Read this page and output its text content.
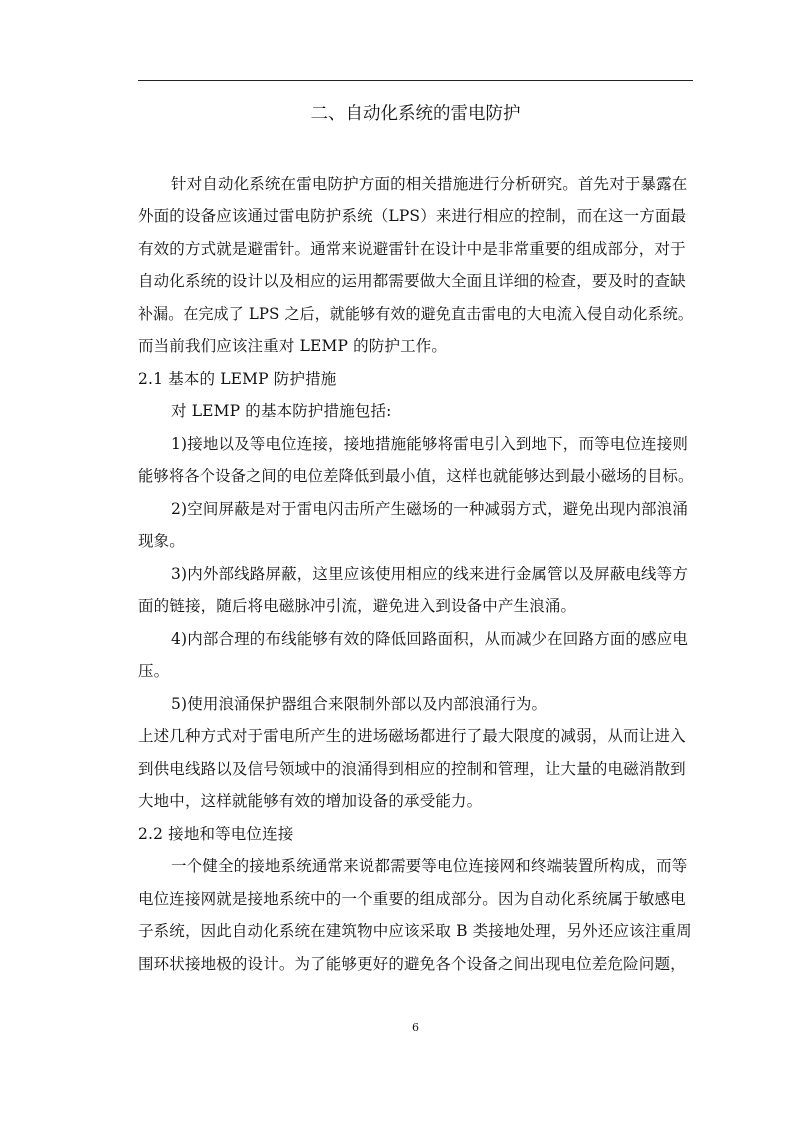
二、自动化系统的雷电防护
针对自动化系统在雷电防护方面的相关措施进行分析研究。首先对于暴露在
外面的设备应该通过雷电防护系统（LPS）来进行相应的控制，而在这一方面最
有效的方式就是避雷针。通常来说避雷针在设计中是非常重要的组成部分，对于
自动化系统的设计以及相应的运用都需要做大全面且详细的检查，要及时的查缺
补漏。在完成了 LPS 之后，就能够有效的避免直击雷电的大电流入侵自动化系统。
而当前我们应该注重对 LEMP 的防护工作。
2.1 基本的 LEMP 防护措施
对 LEMP 的基本防护措施包括:
1)接地以及等电位连接，接地措施能够将雷电引入到地下，而等电位连接则
能够将各个设备之间的电位差降低到最小值，这样也就能够达到最小磁场的目标。
2)空间屏蔽是对于雷电闪击所产生磁场的一种减弱方式，避免出现内部浪涌
现象。
3)内外部线路屏蔽，这里应该使用相应的线来进行金属管以及屏蔽电线等方
面的链接，随后将电磁脉冲引流，避免进入到设备中产生浪涌。
4)内部合理的布线能够有效的降低回路面积，从而减少在回路方面的感应电
压。
5)使用浪涌保护器组合来限制外部以及内部浪涌行为。
上述几种方式对于雷电所产生的进场磁场都进行了最大限度的减弱，从而让进入
到供电线路以及信号领域中的浪涌得到相应的控制和管理，让大量的电磁消散到
大地中，这样就能够有效的增加设备的承受能力。
2.2 接地和等电位连接
一个健全的接地系统通常来说都需要等电位连接网和终端装置所构成，而等
电位连接网就是接地系统中的一个重要的组成部分。因为自动化系统属于敏感电
子系统，因此自动化系统在建筑物中应该采取 B 类接地处理，另外还应该注重周
围环状接地极的设计。为了能够更好的避免各个设备之间出现电位差危险问题，
6
